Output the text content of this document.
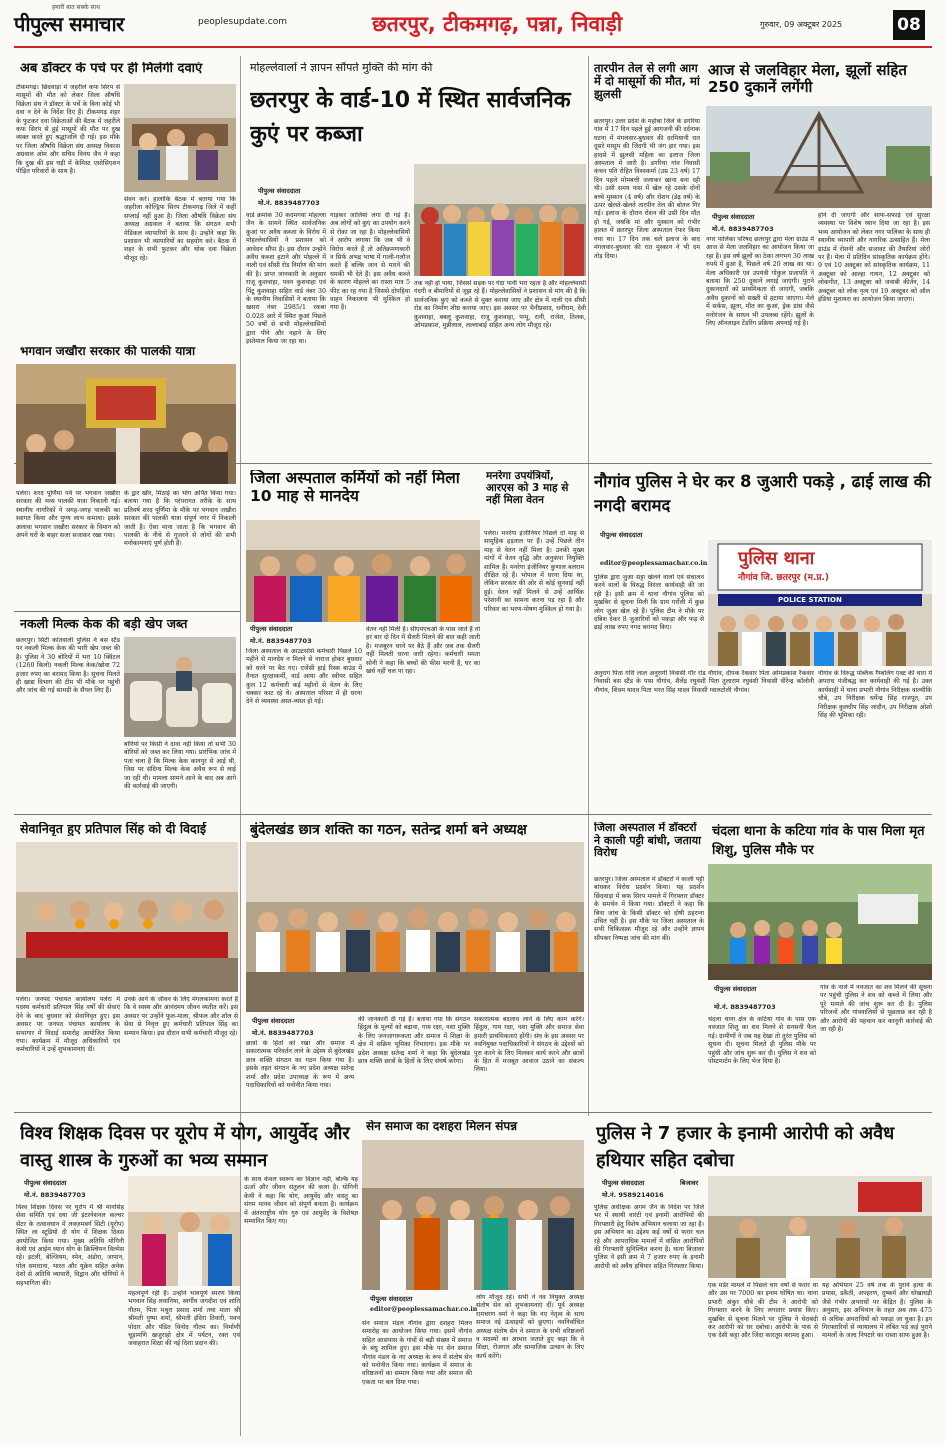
हमारी बात सबके साथ
पीपुल्स समाचार	peoplesupdate.com	छतरपुर, टीकमगढ़, पन्ना, निवाड़ी	गुरुवार, 09 अक्टूबर 2025	08
अब डॉक्टर के पर्चे पर ही मिलेंगी दवाएं
टीकमगढ़। छिंदवाड़ा में जहरीले कफ सिरप से मासूमों की मौत को लेकर जिला औषधि विक्रेता संघ ने डॉक्टर के पर्चे के बिना कोई भी दवा न देने के निर्देश दिए हैं। टीकमगढ़ शहर के फुटकर दवा विक्रेताओं की बैठक में जहरीले कफ सिरप से हुई मासूमों की मौत पर दुख व्यक्त करते हुए श्रद्धांजलि दी गई। इस मौके पर जिला औषधि विक्रेता संघ अध्यक्ष विकास अग्रवाल ओम और सचिव विनय जैन ने कहा कि दुख की इस घड़ी में केमिस्ट एसोसिएशन पीड़ित परिवारों के साथ है।
सेवन करें। हालांकि बैठक में बताया गया कि जहरीला कोल्ड्रिफ सिरप टीकमगढ़ जिले में कहीं सप्लाई नहीं हुआ है। जिला औषधि विक्रेता संघ अध्यक्ष अग्रवाल ने बताया कि संगठन सभी मेडिकल व्यापारियों के साथ है। उन्होंने कहा कि प्रशासन भी व्यापारियों का सहयोग करे। बैठक में शहर के सभी फुटकर और थोक दवा विक्रेता मौजूद रहे।
भगवान जखौरा सरकार की पालकी यात्रा
पलेरा। शरद पूर्णिमा पर्व पर भगवान जखौरा सरकार की भव्य पालकी यात्रा निकाली गई। स्थानीय नागरिकों ने जगह-जगह पालकी का स्वागत किया और पुण्य लाभ कमाया। इसके अलावा भगवान जखौरा सरकार के विमान को अपने घरों के बाहर सजा सजाकर रखा गया।
के द्वार खीर, मिठाई का भोग अर्पित किया गया। बताया गया है कि परंपरागत तरीके के साथ प्रतिवर्ष शरद पूर्णिमा के मौके पर भगवान जखौरा सरकार की पालकी यात्रा संपूर्ण नगर में निकाली जाती है। ऐसा माना जाता है कि भगवान की पालकी के नीचे से गुजरने से लोगों की सभी मनोकामनाएं पूर्ण होती हैं।
नकली मिल्क केक की बड़ी खेप जब्त
छतरपुर। सिटी कोतवाली पुलिस ने बस स्टैंड पर नकली मिल्क केक की भारी खेप जब्त की है। पुलिस ने 30 बोरियों में भरा 10 क्विंटल (1260 किलो) नकली मिल्क केक/खोवा 72 हजार रुपए का बरामद किया है। सूचना मिलते ही खाद्य विभाग की टीम भी मौके पर पहुंची और जांच की गई सामग्री के सैंपल लिए हैं।
बोरियों पर किसी ने दावा नहीं किया तो सभी 30 बोरियों को जब्त कर लिया गया। प्रारंभिक जांच में पता चला है कि मिल्क केक कानपुर से आई थी, जिस पर संदिग्ध मिल्क केक अवैध रूप से लाई जा रही थी। मामला सामने आने के बाद अब आगे की कार्रवाई की जाएगी।
मोहल्लेवालों ने ज्ञापन सौंपते मुक्ति की मांग की
छतरपुर के वार्ड-10 में स्थित सार्वजनिक कुएं पर कब्जा
पीपुल्स संवाददाता
मो.नं. 8839487703
वार्ड क्रमांक 30 कदमगवां मोहल्ला जैन के सामने स्थित सार्वजनिक कुआं पर अवैध कब्जा के विरोध में मोहल्लेवासियों ने प्रशासन को आवेदन सौंपा है। इस दौरान उन्होंने अवैध कब्जा हटाने और मोहल्ले में नाली एवं सीसी रोड निर्माण की मांग की है। प्राप्त जानकारी के अनुसार राजू कुशवाहा, पवन कुशवाहा एवं पिंटू कुशवाहा सहित वार्ड नंबर 30 के स्थानीय निवासियों ने बताया कि खसरा नंबर 2985/1 रकबा 0.028 आरे में स्थित कुआं पिछले 50 वर्षों से सभी मोहल्लेवासियों द्वारा पीने और नहाने के लिए इस्तेमाल किया जा रहा था।
गाड़कर जालियां लगा दी गई हैं। अब लोगों को कुएं का उपयोग करने से रोका जा रहा है। मोहल्लेवासियों ने आरोप लगाया कि जब भी वे विरोध करते हैं तो अतिक्रमणकारी न सिर्फ अभद्र भाषा में गाली-गलौज करते हैं बल्कि जान से मारने की धमकी भी देते हैं। इस अवैध कब्जे के कारण मोहल्ले का रास्ता मात्र 5 फीट का रह गया है जिससे दोपहिया वाहन निकालना भी मुश्किल हो गया है।
तक नहीं हो पाया, जिससे सड़क पर गंदा पानी भरा रहता है और मोहल्लेवासी गंदगी व बीमारियों से जूझ रहे हैं। मोहल्लेवासियों ने प्रशासन से मांग की है कि सार्वजनिक कुएं को कब्जे से मुक्त कराया जाए और क्षेत्र में नाली एवं सीसी रोड का निर्माण शीघ्र कराया जाए। इस अवसर पर भैनीप्रसाद, धनीराम, देवी कुशवाहा, बबलू कुशवाहा, राजू कुशवाहा, पप्पू, रानी, राजेश, तिलक, ओमप्रकाश, मुन्नीलाल, लल्लाबाई सहित अन्य लोग मौजूद रहे।
तारपीन तेल से लगी आग में दो मासूमों की मौत, मां झुलसी
छतरपुर। उत्तर प्रदेश के महोबा जिले के डगरिया गांव में 17 दिन पहले हुई आगजनी की दर्दनाक घटना में मंगलवार-बुधवार की दरमियानी रात दूसरे मासूम की जिंदगी भी जंग हार गया। इस हादसे में झुलसी महिला का इलाज जिला अस्पताल में जारी है। डगरिया गांव निवासी कंचन पति रोहित विश्वकर्मा (उम्र 23 वर्ष) 17 दिन पहले मोमबत्ती जलाकर खाना बना रही थी। उसी समय पास में खेल रहे उसके दोनों बच्चे मुस्कान (4 वर्ष) और रोशन (डेढ़ वर्ष) के ऊपर खेलते-खेलते तारपीन तेल की बोतल गिर गई। इलाज के दौरान रोशन की उसी दिन मौत हो गई, जबकि मां और मुस्कान को गंभीर हालत में छतरपुर जिला अस्पताल रेफर किया गया था। 17 दिन तक चले इलाज के बाद मंगलवार-बुधवार की रात मुस्कान ने भी दम तोड़ दिया।
आज से जलविहार मेला, झूलों सहित 250 दुकानें लगेंगी
पीपुल्स संवाददाता
मो.नं. 8839487703
नगर पालिका परिषद छतरपुर द्वारा मेला ग्राउंड में आज से मेला जलविहार का आयोजन किया जा रहा है। इस वर्ष झूलों का ठेका लगभग 30 लाख रुपये में हुआ है, पिछले वर्ष 20 लाख का था। मेला अधिकारी एवं उपयंत्री गोकुल प्रजापति ने बताया कि 250 दुकानें लगाई जाएंगी। पुराने दुकानदारों को प्राथमिकता दी जाएगी, जबकि अवैध दुकानों को सख्ती से हटाया जाएगा। मेले में सर्कस, झूला, मौत का कुआं, ड्रेक डांस जैसे मनोरंजन के साधन भी उपलब्ध रहेंगे। झूलों के लिए ऑनलाइन टेंडरिंग प्रक्रिया अपनाई गई है।
होने दी जाएगी और साफ-सफाई एवं सुरक्षा व्यवस्था पर विशेष ध्यान दिया जा रहा है। इस भव्य आयोजन को लेकर नगर पालिका के साथ ही स्थानीय व्यापारी और नागरिक उत्साहित हैं। मेला ग्राउंड में रोशनी और सजावट की तैयारियां जोरों पर हैं। मेला में प्रतिदिन सांस्कृतिक कार्यक्रम होंगे। 9 एवं 10 अक्टूबर को सांस्कृतिक कार्यक्रम, 11 अक्टूबर को आल्हा गायन, 12 अक्टूबर को लोकगीत, 13 अक्टूबर को जवाबी कीर्तन, 14 अक्टूबर को लोक नृत्य एवं 19 अक्टूबर को ऑल इंडिया मुशायरा का आयोजन किया जाएगा।
जिला अस्पताल कर्मियों को नहीं मिला 10 माह से मानदेय
पीपुल्स संवाददाता
मो.नं. 8839487703
जिला अस्पताल के आउटसोर्स कर्मचारी पिछले 10 महीने से मानदेय न मिलने से नाराज होकर बुधवार को धरने पर बैठ गए। एजेंसी हाई रिस्क बाउंड में तैनात सुरक्षाकर्मी, वार्ड आया और स्वीपर सहित कुल 12 कर्मचारी कई महीनों से वेतन के लिए चक्कर काट रहे थे। अस्पताल परिसर में ही धरना देने से व्यवस्था अस्त-व्यस्त हो गई।
वेतन नहीं मिली है। सीएमएचओ के पास जाते हैं तो हर बार दो दिन में सैलरी मिलने की बात कही जाती है। मजबूरन धरने पर बैठे हैं और जब तक सैलरी नहीं मिलती धरना जारी रहेगा। कर्मचारी ममता सोनी ने कहा कि बच्चों की फीस भरनी है, घर का खर्च नहीं चल पा रहा।
मनरेगा उपयंत्रियों, आरएस को 3 माह से नहीं मिला वेतन
पलेरा। मनरेगा इंजीनियर पिछले दो माह से सामूहिक हड़ताल पर हैं। उन्हें पिछले तीन माह से वेतन नहीं मिला है। उनकी मुख्य मांगों में वेतन वृद्धि और अनुकंपा नियुक्ति शामिल हैं। मनरेगा इंजीनियर कुणाल बलराम दीक्षित रहे हैं। भोपाल में धरना दिया था, लेकिन सरकार की ओर से कोई सुनवाई नहीं हुई। वेतन नहीं मिलने से उन्हें आर्थिक परेशानी का सामना करना पड़ रहा है और परिवार का भरण-पोषण मुश्किल हो गया है।
नौगांव पुलिस ने घेर कर 8 जुआरी पकड़े , ढाई लाख की नगदी बरामद
पीपुल्स संवाददाता
editor@peoplessamachar.co.in पुलिस थाना
नौगांव जि. छतरपुर (म.प्र.)
POLICE STATION
पुलिस द्वारा जुआ सट्टा खेलने वालों एवं संचालन करने वालों के विरुद्ध निरंतर कार्यवाही की जा रही है। इसी क्रम में थाना नौगांव पुलिस को मुखबिर से सूचना मिली कि ग्राम गर्रोली में कुछ लोग जुआ खेल रहे हैं। पुलिस टीम ने मौके पर दबिश देकर 8 जुआरियों को पकड़ा और फड़ से ढाई लाख रुपए नगद बरामद किए।
अनुराग पिता गोरी लाल अनुरागी निवासी गौर रोड नौगांव, दीपक रैकवार पिता ओमप्रकाश रैकवार निवासी बस स्टैंड के पास नौगांव, शैलेंद्र रघुवंशी पिता तुलाराम रघुवंशी निवासी वीरेन्द्र कॉलोनी नौगांव, शिवम यादव पिता भरत सिंह यादव निवासी ग्वालटोली नौगांव।
नौगांव के विरुद्ध पब्लिक गैम्बलिंग एक्ट की धारा में अपराध पंजीबद्ध कर कार्यवाही की गई है। उक्त कार्यवाही में थाना प्रभारी नौगांव निरीक्षक वाल्मीकि चौबे, उप निरीक्षक धर्मेन्द्र सिंह राजपूत, उप निरीक्षक कुलदीप सिंह जादौन, उप निरीक्षक ओशो सिंह की भूमिका रही।
सेवानिवृत हुए प्रतिपाल सिंह को दी विदाई
पलेरा। जनपद पंचायत कार्यालय पलेरा में पदस्थ कर्मचारी प्रतिपाल सिंह वर्षों की सेवाएं देने के बाद बुधवार को सेवानिवृत हुए। इस अवसर पर जनपद पंचायत कार्यालय के सभागार में विदाई समारोह आयोजित किया गया। कार्यक्रम में मौजूद अधिकारियों एवं कर्मचारियों ने उन्हें शुभकामनाएं दीं।
उनके आने के जीवन के लिए मंगलकामना करते हैं कि वे स्वस्थ और आनंदमय जीवन व्यतीत करें। इस अवसर पर उन्होंने फूल-माला, श्रीफल और शॉल से सेवा से निवृत्त हुए कर्मचारी प्रतिपाल सिंह का सम्मान किया। इस दौरान सभी कर्मचारी मौजूद रहे।
बुंदेलखंड छात्र शक्ति का गठन, सतेन्द्र शर्मा बने अध्यक्ष
पीपुल्स संवाददाता
मो.नं. 8839487703
छात्रों के हितों को रखा और समाज में सकारात्मक परिवर्तन लाने के उद्देश्य से बुंदेलखंड छात्र शक्ति संगठन का गठन किया गया है। इसके तहत संगठन के नए प्रदेश अध्यक्ष सतेन्द्र शर्मा और प्रदेश उपाध्यक्ष के रूप में अन्य पदाधिकारियों को मनोनीत किया गया।
की जानकारी दी गई है। बताया गया कि संगठन हिंदुत्व के मूल्यों को बढ़ावा, गाय रक्षा, नशा मुक्ति के लिए जनजागरूकता और समाज में शिक्षा के क्षेत्र में सक्रिय भूमिका निभाएगा। इस मौके पर प्रदेश अध्यक्ष सतेन्द्र शर्मा ने कहा कि बुंदेलखंड छात्र शक्ति छात्रों के हितों के लिए संघर्ष करेगा।
सकारात्मक बदलाव लाने के लिए काम करेंगे। हिंदुत्व, गाय रक्षा, नशा मुक्ति और समाज सेवा हमारी प्राथमिकताएं होंगी। संघ के इस अवसर पर नवनियुक्त पदाधिकारियों ने संगठन के उद्देश्यों को पूरा करने के लिए मिलकर कार्य करने और छात्रों के हित में मजबूत आवाज उठाने का संकल्प लिया।
जिला अस्पताल में डॉक्टरों ने काली पट्टी बांधी, जताया विरोध
छतरपुर। जिला अस्पताल में डॉक्टरों ने काली पट्टी बांधकर विरोध प्रदर्शन किया। यह प्रदर्शन छिंदवाड़ा में कफ सिरप मामले में गिरफ्तार डॉक्टर के समर्थन में किया गया। डॉक्टरों ने कहा कि बिना जांच के किसी डॉक्टर को दोषी ठहराना उचित नहीं है। इस मौके पर जिला अस्पताल के सभी चिकित्सक मौजूद रहे और उन्होंने ज्ञापन सौंपकर निष्पक्ष जांच की मांग की।
चंदला थाना के कटिया गांव के पास मिला मृत शिशु, पुलिस मौके पर
पीपुल्स संवाददाता
मो.नं. 8839487703
चंदला थाना क्षेत्र के कटिया गांव के पास एक नवजात शिशु का शव मिलने से सनसनी फैल गई। ग्रामीणों ने जब यह देखा तो तुरंत पुलिस को सूचना दी। सूचना मिलते ही पुलिस मौके पर पहुंची और जांच शुरू कर दी। पुलिस ने शव को पोस्टमार्टम के लिए भेज दिया है।
गांव के नाले में नवजात का शव मिलने की सूचना पर पहुंची पुलिस ने शव को कब्जे में लिया और पूरे मामले की जांच शुरू कर दी है। पुलिस परिजनों और गांववालियों से पूछताछ कर रही है और आरोपी की पहचान कर कानूनी कार्रवाई की जा रही है।
विश्व शिक्षक दिवस पर यूरोप में योग, आयुर्वेद और वास्तु शास्त्र के गुरुओं का भव्य सम्मान
पीपुल्स संवाददाता
मो.नं. 8839487703
विश्व शिक्षक दिवस पर यूरोप में श्री मानसिंह सेवा समिति एवं दया जी इंटरनेशनल कल्चर सेंटर के तत्वावधान में लक्ज़मबर्ग सिटी (यूरोप) स्थित ला स्टूडियो दी योग में शिक्षक दिवस आयोजित किया गया। मुख्य अतिथि योगिनी केथी एवं आईम ध्यान योग के क्रिश्चियन विल्मेस रहे। इटली, बेल्जियम, स्पेन, अंडोरा, जापान, पोल समाराना, भारत और यूक्रेन सहित अनेक देशों से अतिथि व्यापारी, विद्वान और योगियों ने सहभागिता की।
महत्वपूर्ण रही है। उन्होंने भावपूर्ण स्मरण किया भगवान सिंह लवानिया, स्वर्गीय जगदीश एवं शांति गौतम, पिता मथुरा प्रसाद शर्मा तथा माता श्री श्रीमती पुष्पा शर्मा, श्रीमती इंदिरा तिवारी, पवन पोदार और पंडित विनोद गौतम का। निर्माणी चूड़ामणि खजुराहो क्षेत्र में पर्यटन, रक्त एवं जवाहरात शिक्षा की नई दिशा प्रदान की।
के साथ केवल स्वरूप का विज्ञान नहीं, बल्कि यह ऊर्जा और जीवन संतुलन की कला है। योगिनी केथी ने कहा कि योग, आयुर्वेद और वास्तु का संगम मानव जीवन को संपूर्ण बनाता है। कार्यक्रम में अंतरराष्ट्रीय योग गुरु एवं आयुर्वेद के विशेषज्ञ सम्मानित किए गए।
सेन समाज का दशहरा मिलन संपन्न
पीपुल्स संवाददाता
editor@peoplessamachar.co.in
सेन समाज मंडल नौगांव द्वारा दशहरा मिलन समारोह का आयोजन किया गया। इसमें नौगांव सहित आसपास के गांवों से बड़ी संख्या में समाज के बंधु शामिल हुए। इस मौके पर सेन समाज नौगांव मंडल के नए अध्यक्ष के रूप में संतोष सेन को मनोनीत किया गया। कार्यक्रम में समाज के वरिष्ठजनों का सम्मान किया गया और समाज की एकता पर बल दिया गया।
लोग मौजूद रहे। सभी ने नव नियुक्त अध्यक्ष संतोष सेन को शुभकामनाएं दीं। पूर्व अध्यक्ष रामचरण वर्मा ने कहा कि नए नेतृत्व के साथ समाज नई ऊंचाइयों को छुएगा। नवनिर्वाचित अध्यक्ष संतोष सेन ने समाज के सभी वरिष्ठजनों व सदस्यों का आभार जताते हुए कहा कि वे शिक्षा, रोजगार और सामाजिक उत्थान के लिए कार्य करेंगे।
पुलिस ने 7 हजार के इनामी आरोपी को अवैध हथियार सहित दबोचा
पीपुल्स संवाददाता	बिजावर
मो.नं. 9589214016
पुलिस अधीक्षक अगम जैन के निर्देश पर जिले भर में स्थायी वारंटी एवं इनामी आरोपियों की गिरफ्तारी हेतु विशेष अभियान चलाया जा रहा है। इस अभियान का उद्देश्य कई वर्षों से फरार चल रहे और आपराधिक मामलों में वांछित आरोपियों की गिरफ्तारी सुनिश्चित करना है। थाना बिजावर पुलिस ने इसी क्रम में 7 हजार रुपए के इनामी आरोपी को अवैध हथियार सहित गिरफ्तार किया।
एक मर्डर मामले में पिछले चार वर्षों से फरार था और उस पर 7000 का इनाम घोषित था। थाना प्रभारी अंकुर चौबे की टीम ने आरोपी को गिरफ्तार करने के लिए लगातार प्रयास किए। मुखबिर से सूचना मिलने पर पुलिस ने घेराबंदी कर आरोपी को धर दबोचा। आरोपी के पास से एक देसी कट्टा और जिंदा कारतूस बरामद हुआ।
यह अभियान 25 वर्ष तक के पुराने हत्या के प्रयास, डकैती, अपहरण, दुष्कर्म और धोखाधड़ी जैसे गंभीर अपराधों पर केंद्रित है। पुलिस के अनुसार, इस अभियान के तहत अब तक 475 से अधिक अपराधियों को पकड़ा जा चुका है। इन गिरफ्तारियों से न्यायालय में लंबित पड़े कई पुराने मामलों के जल्द निपटारे का रास्ता साफ हुआ है।
